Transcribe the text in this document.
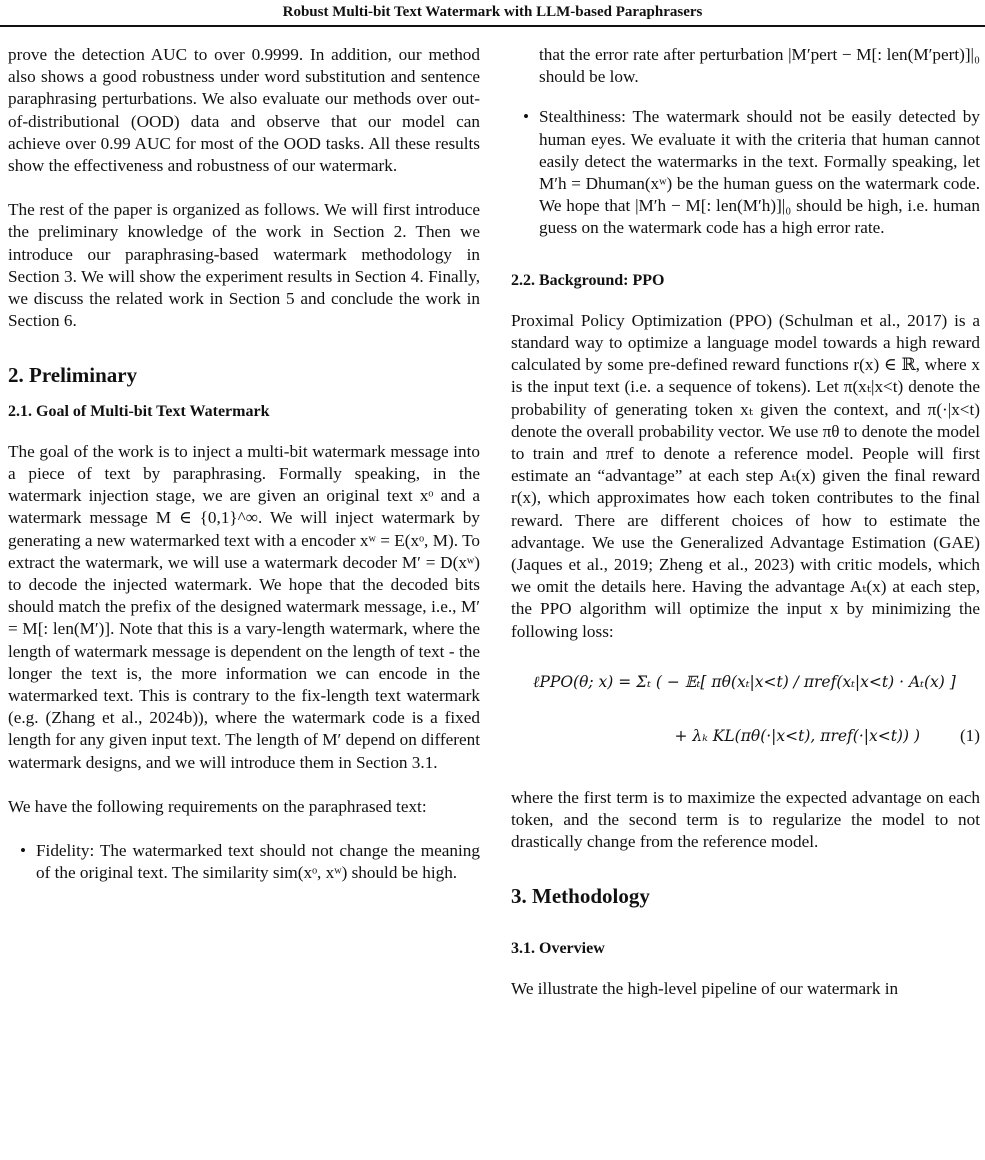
Robust Multi-bit Text Watermark with LLM-based Paraphrasers

prove the detection AUC to over 0.9999. In addition, our method also shows a good robustness under word substitution and sentence paraphrasing perturbations. We also evaluate our methods over out-of-distributional (OOD) data and observe that our model can achieve over 0.99 AUC for most of the OOD tasks. All these results show the effectiveness and robustness of our watermark.

The rest of the paper is organized as follows. We will first introduce the preliminary knowledge of the work in Section 2. Then we introduce our paraphrasing-based watermark methodology in Section 3. We will show the experiment results in Section 4. Finally, we discuss the related work in Section 5 and conclude the work in Section 6.

2. Preliminary
2.1. Goal of Multi-bit Text Watermark

The goal of the work is to inject a multi-bit watermark message into a piece of text by paraphrasing. Formally speaking, in the watermark injection stage, we are given an original text xᵒ and a watermark message M ∈ {0,1}^∞. We will inject watermark by generating a new watermarked text with a encoder xʷ = E(xᵒ, M). To extract the watermark, we will use a watermark decoder M′ = D(xʷ) to decode the injected watermark. We hope that the decoded bits should match the prefix of the designed watermark message, i.e., M′ = M[: len(M′)]. Note that this is a vary-length watermark, where the length of watermark message is dependent on the length of text - the longer the text is, the more information we can encode in the watermarked text. This is contrary to the fix-length text watermark (e.g. (Zhang et al., 2024b)), where the watermark code is a fixed length for any given input text. The length of M′ depend on different watermark designs, and we will introduce them in Section 3.1.

We have the following requirements on the paraphrased text:

• Fidelity: The watermarked text should not change the meaning of the original text. The similarity sim(xᵒ, xʷ) should be high.

that the error rate after perturbation |M′pert − M[: len(M′pert)]|₀ should be low.

• Stealthiness: The watermark should not be easily detected by human eyes. We evaluate it with the criteria that human cannot easily detect the watermarks in the text. Formally speaking, let M′h = Dhuman(xʷ) be the human guess on the watermark code. We hope that |M′h − M[: len(M′h)]|₀ should be high, i.e. human guess on the watermark code has a high error rate.
2.2. Background: PPO

Proximal Policy Optimization (PPO) (Schulman et al., 2017) is a standard way to optimize a language model towards a high reward calculated by some pre-defined reward functions r(x) ∈ ℝ, where x is the input text (i.e. a sequence of tokens). Let π(xₜ|x<t) denote the probability of generating token xₜ given the context, and π(·|x<t) denote the overall probability vector. We use πθ to denote the model to train and πref to denote a reference model. People will first estimate an “advantage” at each step Aₜ(x) given the final reward r(x), which approximates how each token contributes to the final reward. There are different choices of how to estimate the advantage. We use the Generalized Advantage Estimation (GAE) (Jaques et al., 2019; Zheng et al., 2023) with critic models, which we omit the details here. Having the advantage Aₜ(x) at each step, the PPO algorithm will optimize the input x by minimizing the following loss:

ℓPPO(θ; x) = Σₜ ( − 𝔼ₜ[ πθ(xₜ|x<t) / πref(xₜ|x<t) · Aₜ(x) ]
+ λₖ KL(πθ(·|x<t), πref(·|x<t)) ) (1)

where the first term is to maximize the expected advantage on each token, and the second term is to regularize the model to not drastically change from the reference model.

3. Methodology
3.1. Overview

We illustrate the high-level pipeline of our watermark in
